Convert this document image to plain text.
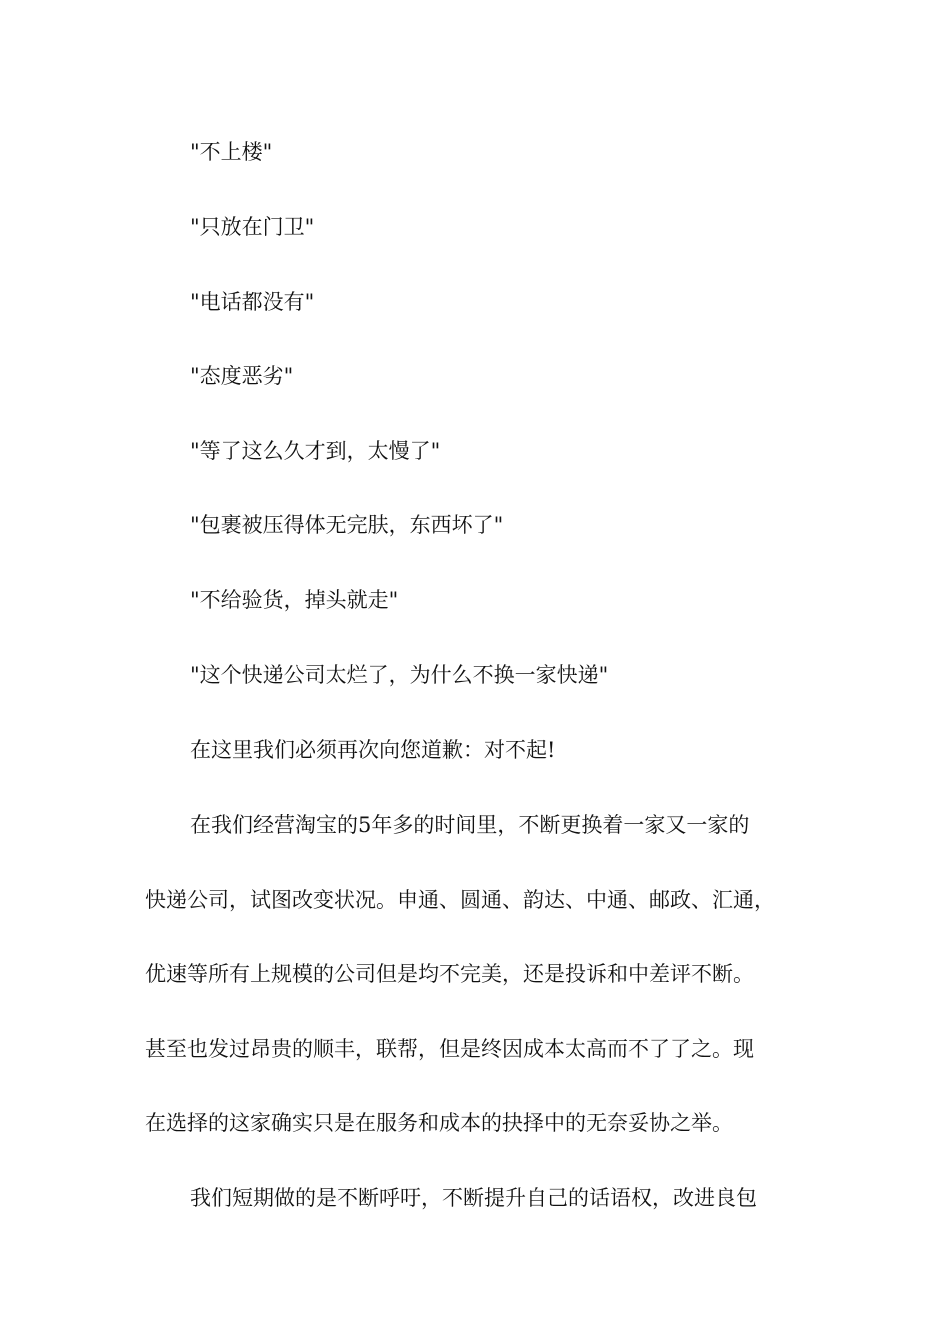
"不上楼"
"只放在门卫"
"电话都没有"
"态度恶劣"
"等了这么久才到，太慢了"
"包裹被压得体无完肤，东西坏了"
"不给验货，掉头就走"
"这个快递公司太烂了，为什么不换一家快递"
在这里我们必须再次向您道歉：对不起!
在我们经营淘宝的5年多的时间里，不断更换着一家又一家的
快递公司，试图改变状况。申通、圆通、韵达、中通、邮政、汇通，
优速等所有上规模的公司但是均不完美，还是投诉和中差评不断。
甚至也发过昂贵的顺丰，联帮，但是终因成本太高而不了了之。现
在选择的这家确实只是在服务和成本的抉择中的无奈妥协之举。
我们短期做的是不断呼吁，不断提升自己的话语权，改进良包
